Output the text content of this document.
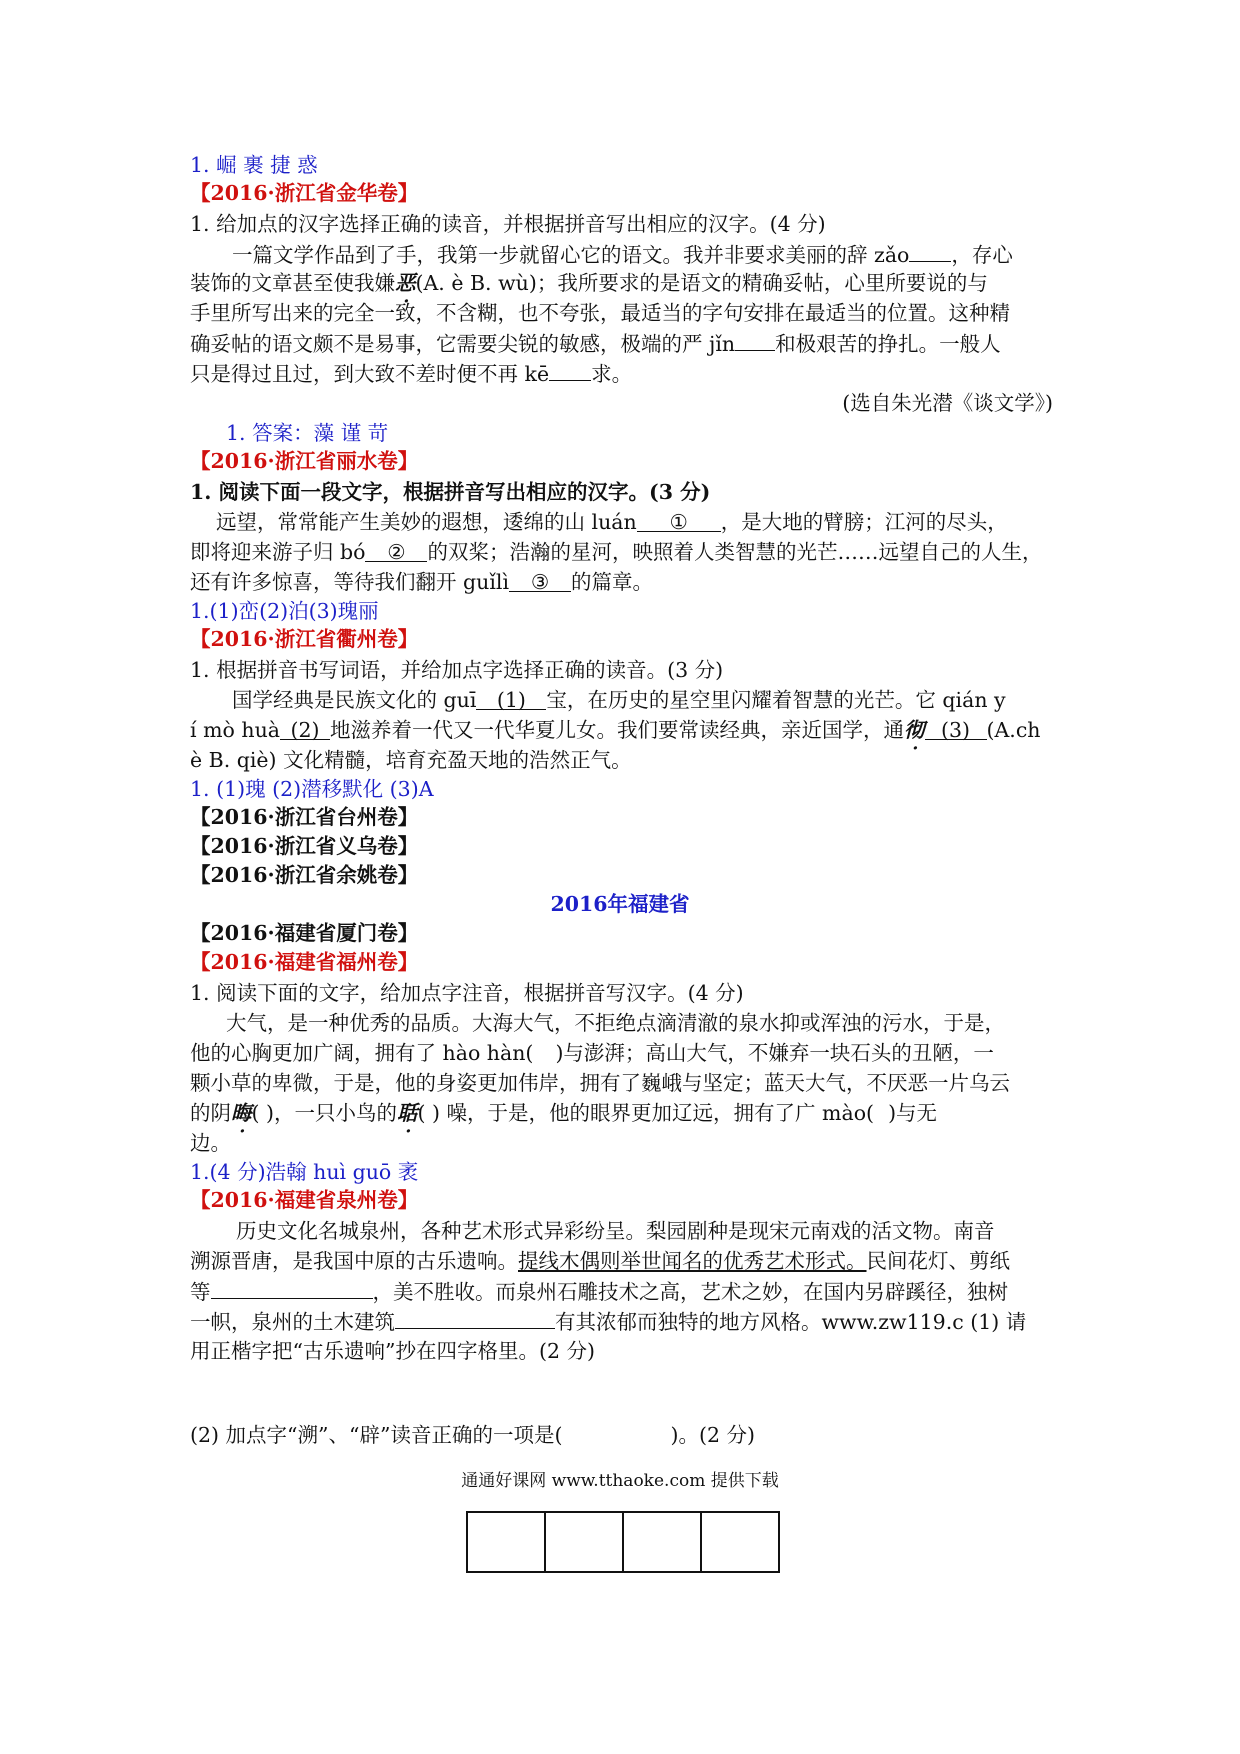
1. 崛 裹 捷 惑
【2016·浙江省金华卷】
1. 给加点的汉字选择正确的读音，并根据拼音写出相应的汉字。(4 分)
一篇文学作品到了手，我第一步就留心它的语文。我并非要求美丽的辞 zǎo ，存心
装饰的文章甚至使我嫌恶(A. è B. wù)；我所要求的是语文的精确妥帖，心里所要说的与
手里所写出来的完全一致，不含糊，也不夸张，最适当的字句安排在最适当的位置。这种精
确妥帖的语文颇不是易事，它需要尖锐的敏感，极端的严 jǐn 和极艰苦的挣扎。一般人
只是得过且过，到大致不差时便不再 kē 求。
(选自朱光潜《谈文学》)
1. 答案：藻 谨 苛
【2016·浙江省丽水卷】
1. 阅读下面一段文字，根据拼音写出相应的汉字。(3 分)
远望，常常能产生美妙的遐想，逶绵的山 luán ① ，是大地的臂膀；江河的尽头，
即将迎来游子归 bó ② 的双桨；浩瀚的星河，映照着人类智慧的光芒……远望自己的人生，
还有许多惊喜，等待我们翻开 guǐlì ③ 的篇章。
1.(1)峦(2)泊(3)瑰丽
【2016·浙江省衢州卷】
1. 根据拼音书写词语，并给加点字选择正确的读音。(3 分)
国学经典是民族文化的 guī (1) 宝，在历史的星空里闪耀着智慧的光芒。它 qián y
í mò huà (2) 地滋养着一代又一代华夏儿女。我们要常读经典，亲近国学，通彻 (3) (A.ch
è B. qiè) 文化精髓，培育充盈天地的浩然正气。
1. (1)瑰 (2)潜移默化 (3)A
【2016·浙江省台州卷】
【2016·浙江省义乌卷】
【2016·浙江省余姚卷】
2016年福建省
【2016·福建省厦门卷】
【2016·福建省福州卷】
1. 阅读下面的文字，给加点字注音，根据拼音写汉字。(4 分)
大气，是一种优秀的品质。大海大气，不拒绝点滴清澈的泉水抑或浑浊的污水，于是，
他的心胸更加广阔，拥有了 hào hàn( )与澎湃；高山大气，不嫌弃一块石头的丑陋，一
颗小草的卑微，于是，他的身姿更加伟岸，拥有了巍峨与坚定；蓝天大气，不厌恶一片乌云
的阴晦( )，一只小鸟的聒( ) 噪，于是，他的眼界更加辽远，拥有了广 mào( )与无
边。
1.(4 分)浩翰 huì guō 袤
【2016·福建省泉州卷】
历史文化名城泉州，各种艺术形式异彩纷呈。梨园剧种是现宋元南戏的活文物。南音
溯源晋唐，是我国中原的古乐遗响。提线木偶则举世闻名的优秀艺术形式。民间花灯、剪纸
等	，美不胜收。而泉州石雕技术之高，艺术之妙，在国内另辟蹊径，独树
一帜，泉州的土木建筑	有其浓郁而独特的地方风格。www.zw119.c (1) 请
用正楷字把“古乐遗响”抄在四字格里。(2 分)
(2) 加点字“溯”、“辟”读音正确的一项是(	)。(2 分)
通通好课网 www.tthaoke.com 提供下载
